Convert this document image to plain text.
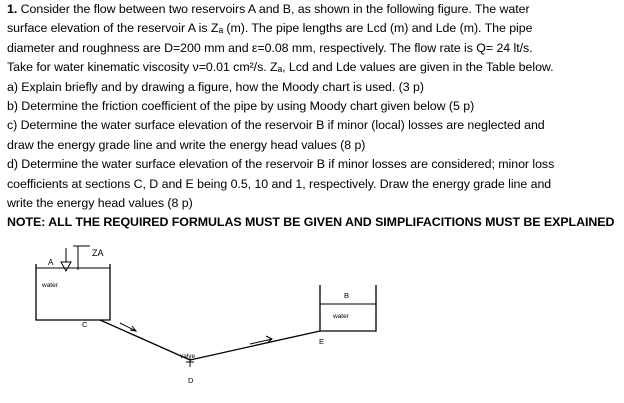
1. Consider the flow between two reservoirs A and B, as shown in the following figure. The water
surface elevation of the reservoir A is Zₐ (m). The pipe lengths are Lcd (m) and Lde (m). The pipe
diameter and roughness are D=200 mm and ε=0.08 mm, respectively. The flow rate is Q= 24 lt/s.
Take for water kinematic viscosity ν=0.01 cm²/s. Zₐ, Lcd and Lde values are given in the Table below.
a) Explain briefly and by drawing a figure, how the Moody chart is used. (3 p)
b) Determine the friction coefficient of the pipe by using Moody chart given below (5 p)
c) Determine the water surface elevation of the reservoir B if minor (local) losses are neglected and
draw the energy grade line and write the energy head values (8 p)
d) Determine the water surface elevation of the reservoir B if minor losses are considered; minor loss
coefficients at sections C, D and E being 0.5, 10 and 1, respectively. Draw the energy grade line and
write the energy head values (8 p)
NOTE: ALL THE REQUIRED FORMULAS MUST BE GIVEN AND SIMPLIFACITIONS MUST BE EXPLAINED
A
ZA
water
C
valve
D
E
B
water
